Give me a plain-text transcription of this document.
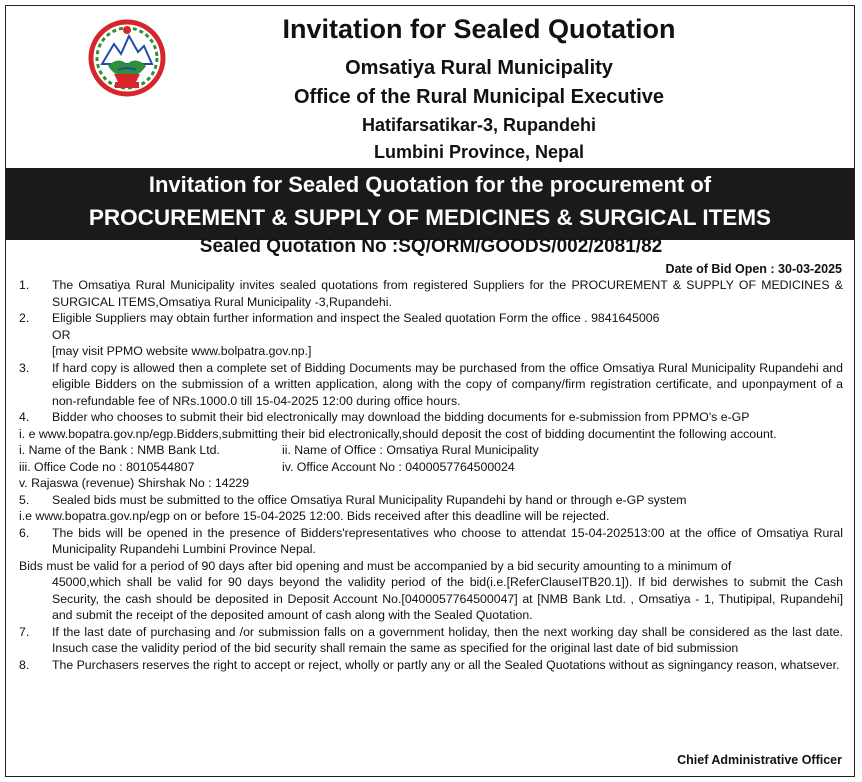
Invitation for Sealed Quotation
Omsatiya Rural Municipality
Office of the Rural Municipal Executive
Hatifarsatikar-3, Rupandehi
Lumbini Province, Nepal
Invitation for Sealed Quotation for the procurement of
PROCUREMENT & SUPPLY OF MEDICINES & SURGICAL ITEMS
Sealed Quotation No :SQ/ORM/GOODS/002/2081/82
Date of Bid Open : 30-03-2025
1.	The Omsatiya Rural Municipality invites sealed quotations from registered Suppliers for the PROCUREMENT & SUPPLY OF MEDICINES & SURGICAL ITEMS,Omsatiya Rural Municipality -3,Rupandehi.
2.	Eligible Suppliers may obtain further information and inspect the Sealed quotation Form the office . 9841645006
OR
[may visit PPMO website www.bolpatra.gov.np.]
3.	If hard copy is allowed then a complete set of Bidding Documents may be purchased from the office Omsatiya Rural Municipality Rupandehi and eligible Bidders on the submission of a written application, along with the copy of company/firm registration certificate, and uponpayment of a non-refundable fee of NRs.1000.0 till 15-04-2025 12:00 during office hours.
4.	Bidder who chooses to submit their bid electronically may download the bidding documents for e-submission from PPMO's e-GP
i. e www.bopatra.gov.np/egp.Bidders,submitting their bid electronically,should deposit the cost of bidding documentint the following account.
i. Name of the Bank : NMB Bank Ltd.	ii. Name of Office : Omsatiya Rural Municipality
iii. Office Code no : 8010544807	iv. Office Account No : 0400057764500024
v. Rajaswa (revenue) Shirshak No : 14229
5.	Sealed bids must be submitted to the office Omsatiya Rural Municipality Rupandehi by hand or through e-GP system
i.e www.bopatra.gov.np/egp on or before 15-04-2025 12:00. Bids received after this deadline will be rejected.
6.	The bids will be opened in the presence of Bidders'representatives who choose to attendat 15-04-202513:00 at the office of Omsatiya Rural Municipality Rupandehi Lumbini Province Nepal.
Bids must be valid for a period of 90 days after bid opening and must be accompanied by a bid security amounting to a minimum of
45000,which shall be valid for 90 days beyond the validity period of the bid(i.e.[ReferClauseITB20.1]). If bid derwishes to submit the Cash Security, the cash should be deposited in Deposit Account No.[0400057764500047] at [NMB Bank Ltd. , Omsatiya - 1, Thutipipal, Rupandehi] and submit the receipt of the deposited amount of cash along with the Sealed Quotation.
7.	If the last date of purchasing and /or submission falls on a government holiday, then the next working day shall be considered as the last date. Insuch case the validity period of the bid security shall remain the same as specified for the original last date of bid submission
8.	The Purchasers reserves the right to accept or reject, wholly or partly any or all the Sealed Quotations without as signingancy reason, whatsever.
Chief Administrative Officer
